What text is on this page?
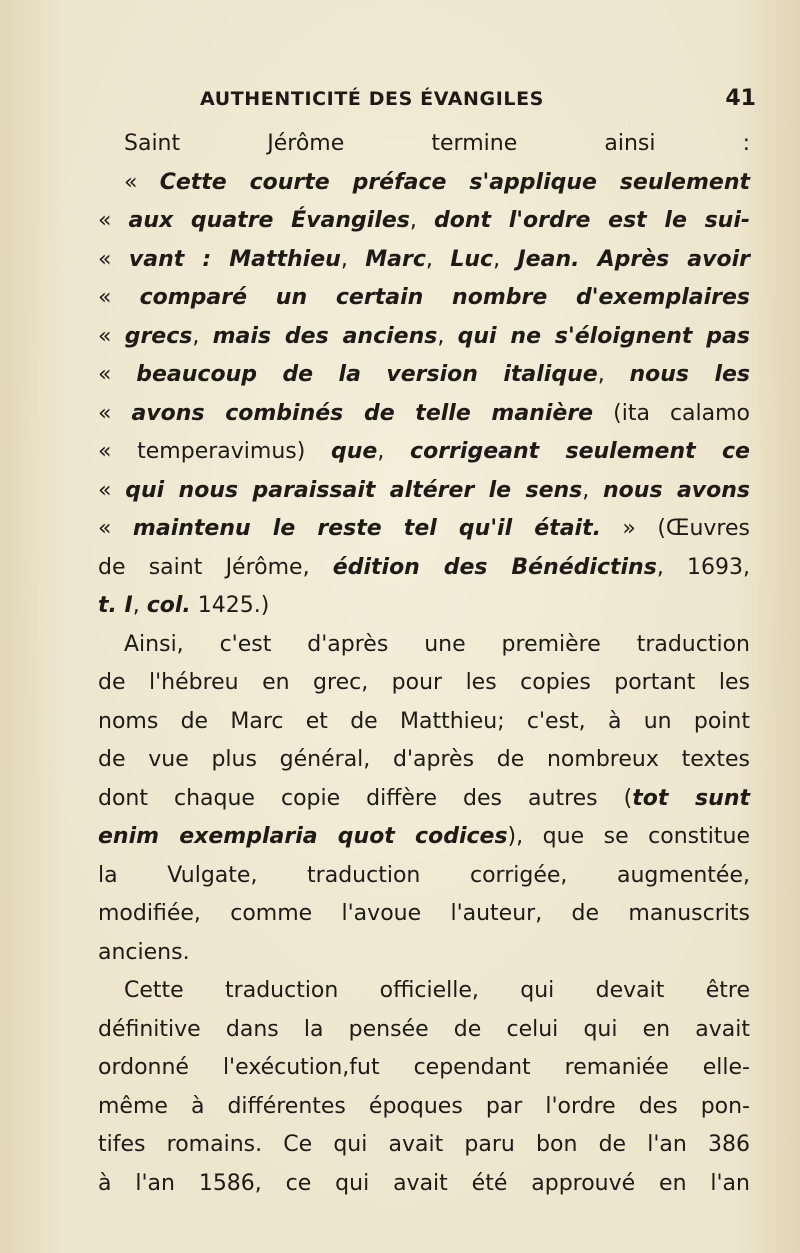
AUTHENTICITÉ DES ÉVANGILES	41
Saint Jérôme termine ainsi :
« Cette courte préface s'applique seulement
« aux quatre Évangiles, dont l'ordre est le sui-
« vant : Matthieu, Marc, Luc, Jean. Après avoir
« comparé un certain nombre d'exemplaires
« grecs, mais des anciens, qui ne s'éloignent pas
« beaucoup de la version italique, nous les
« avons combinés de telle manière (ita calamo
« temperavimus) que, corrigeant seulement ce
« qui nous paraissait altérer le sens, nous avons
« maintenu le reste tel qu'il était. » (Œuvres
de saint Jérôme, édition des Bénédictins, 1693,
t. I, col. 1425.)
Ainsi, c'est d'après une première traduction
de l'hébreu en grec, pour les copies portant les
noms de Marc et de Matthieu; c'est, à un point
de vue plus général, d'après de nombreux textes
dont chaque copie diffère des autres (tot sunt
enim exemplaria quot codices), que se constitue
la Vulgate, traduction corrigée, augmentée,
modifiée, comme l'avoue l'auteur, de manuscrits
anciens.
Cette traduction officielle, qui devait être
définitive dans la pensée de celui qui en avait
ordonné l'exécution,fut cependant remaniée elle-
même à différentes époques par l'ordre des pon-
tifes romains. Ce qui avait paru bon de l'an 386
à l'an 1586, ce qui avait été approuvé en l'an
